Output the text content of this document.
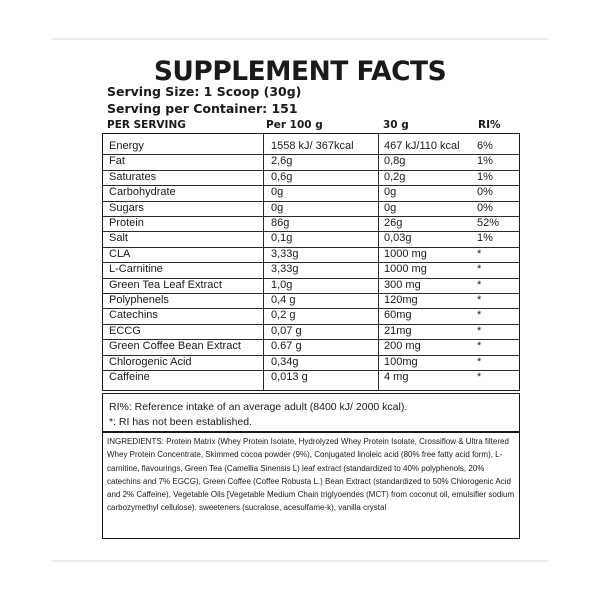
SUPPLEMENT FACTS
Serving Size: 1 Scoop (30g)
Serving per Container: 151
PER SERVING	Per 100 g	30 g	RI%
Energy	1558 kJ/ 367kcal	467 kJ/110 kcal 6%
Fat	2,6g	0,8g	1%
Saturates	0,6g	0,2g	1%
Carbohydrate	0g	0g	0%
Sugars	0g	0g	0%
Protein	86g	26g	52%
Salt	0,1g	0,03g	1%
CLA	3,33g	1000 mg	*
L-Carnitine	3,33g	1000 mg	*
Green Tea Leaf Extract	1,0g	300 mg	*
Polyphenels	0,4 g	120mg	*
Catechins	0,2 g	60mg	*
ECCG	0,07 g	21mg	*
Green Coffee Bean Extract	0.67 g	200 mg	*
Chlorogenic Acid	0,34g	100mg	*
Caffeine	0,013 g	4 mg	*
RI%: Reference intake of an average adult (8400 kJ/ 2000 kcal).
*: RI has not been established.
INGREDIENTS: Protein Matrix (Whey Protein Isolate, Hydrolyzed Whey Protein Isolate, Crossiflow & Ultra filtered Whey Protein Concentrate, Skimmed cocoa powder (9%), Conjugated linoleic acid (80% free fatty acid form), L-carnitine, flavourings, Green Tea (Camellia Sinensis L) leaf extract (standardized to 40% polyphenols, 20% catechins and 7% EGCG), Green Coffee (Coffee Robusta L.) Bean Extract (standardized to 50% Chlorogenic Acid and 2% Caffeine), Vegetable Oils [Vegetable Medium Chain triglyoendes (MCT) from coconut oil, emulsifier sodium carbozymethyl cellulose). sweeteners (sucralose, acesulfame-k), vanilla crystal
